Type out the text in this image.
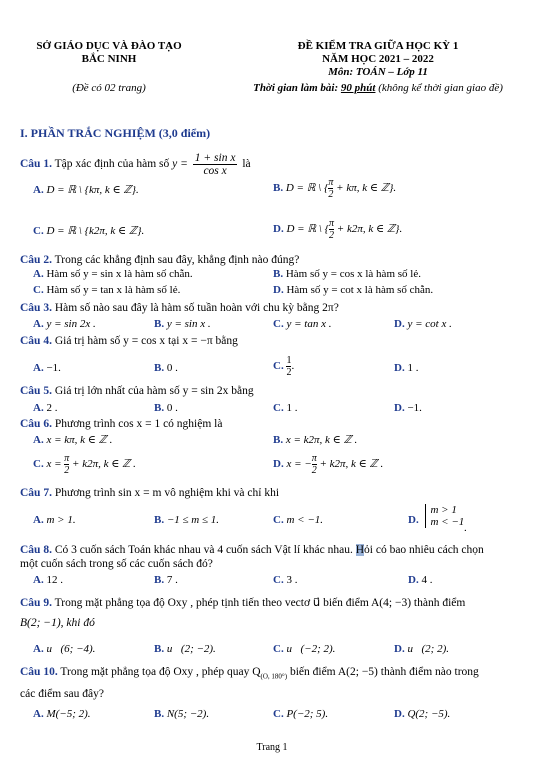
SỞ GIÁO DỤC VÀ ĐÀO TẠO
BẮC NINH
(Đề có 02 trang)
ĐỀ KIỂM TRA GIỮA HỌC KỲ 1
NĂM HỌC 2021 – 2022
Môn: TOÁN – Lớp 11
Thời gian làm bài: 90 phút (không kể thời gian giao đề)
I. PHẦN TRẮC NGHIỆM (3,0 điểm)
Câu 1. Tập xác định của hàm số $y = \frac{\text{1 + sin x}}{\text{cos x}}$ là
A. D = ℝ \ {kπ, k ∈ ℤ}.	B. D = ℝ \ { $\frac{\pi}{2} + k\pi$, k ∈ ℤ}.
C. D = ℝ \ {k2π, k ∈ ℤ}.	D. D = ℝ \ { $\frac{\pi}{2} + k2\pi$, k ∈ ℤ}.
Câu 2. Trong các khẳng định sau đây, khẳng định nào đúng?
A. Hàm số y = sin x là hàm số chẵn.	B. Hàm số y = cos x là hàm số lẻ.
C. Hàm số y = tan x là hàm số lẻ.	D. Hàm số y = cot x là hàm số chẵn.
Câu 3. Hàm số nào sau đây là hàm số tuần hoàn với chu kỳ bằng 2π?
A. y = sin 2x .	B. y = sin x .	C. y = tan x .	D. y = cot x .
Câu 4. Giá trị hàm số y = cos x tại x = −π bằng
A. −1.	B. 0 .	C. $\frac{1}{2}$ .	D. 1 .
Câu 5. Giá trị lớn nhất của hàm số y = sin 2x bằng
A. 2 .	B. 0 .	C. 1 .	D. −1.
Câu 6. Phương trình cos x = 1 có nghiệm là
A. x = kπ, k ∈ ℤ .	B. x = k2π, k ∈ ℤ .
C. $x = \frac{\pi}{2} + k2\pi$, k ∈ ℤ .	D. x = − $\frac{\pi}{2} + k2\pi$, k ∈ ℤ .
Câu 7. Phương trình sin x = m vô nghiệm khi và chỉ khi
A. m > 1.	B. −1 ≤ m ≤ 1.	C. m < −1.	D.
m > 1
m < −1 .
Câu 8. Có 3 cuốn sách Toán khác nhau và 4 cuốn sách Vật lí khác nhau. Hỏi có bao nhiêu cách chọn
một cuốn sách trong số các cuốn sách đó?
A. 12 .	B. 7 .	C. 3 .	D. 4 .
Câu 9. Trong mặt phẳng tọa độ Oxy , phép tịnh tiến theo vectơ u⃗ biến điểm A(4; −3) thành điểm
B(2; −1), khi đó
A. u⃗(6; −4).	B. u⃗(2; −2).	C. u⃗(−2; 2).	D. u⃗(2; 2).
Câu 10. Trong mặt phẳng tọa độ Oxy , phép quay $Q_{(O, 180^\circ)}$ biến điểm A(2; −5) thành điểm nào trong
các điểm sau đây?
A. M(−5; 2).	B. N(5; −2).	C. P(−2; 5).	D. Q(2; −5).
Trang 1
